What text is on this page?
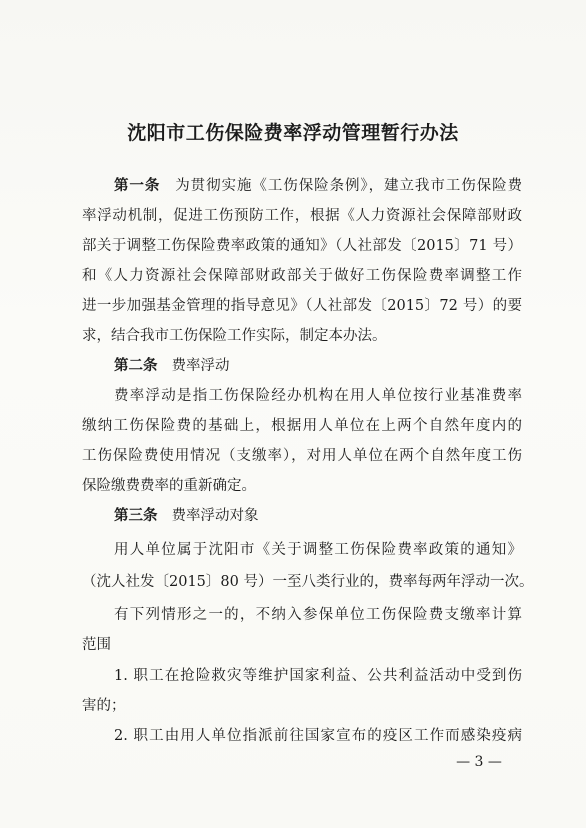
沈阳市工伤保险费率浮动管理暂行办法
第一条 为贯彻实施《工伤保险条例》，建立我市工伤保险费
率浮动机制，促进工伤预防工作，根据《人力资源社会保障部财政
部关于调整工伤保险费率政策的通知》（人社部发〔2015〕71 号）
和《人力资源社会保障部财政部关于做好工伤保险费率调整工作
进一步加强基金管理的指导意见》（人社部发〔2015〕72 号）的要
求，结合我市工伤保险工作实际，制定本办法。
第二条 费率浮动
费率浮动是指工伤保险经办机构在用人单位按行业基准费率
缴纳工伤保险费的基础上，根据用人单位在上两个自然年度内的
工伤保险费使用情况（支缴率），对用人单位在两个自然年度工伤
保险缴费费率的重新确定。
第三条 费率浮动对象
用人单位属于沈阳市《关于调整工伤保险费率政策的通知》
（沈人社发〔2015〕80 号）一至八类行业的，费率每两年浮动一次。
有下列情形之一的，不纳入参保单位工伤保险费支缴率计算
范围
1. 职工在抢险救灾等维护国家利益、公共利益活动中受到伤
害的；
2. 职工由用人单位指派前往国家宣布的疫区工作而感染疫病
— 3 —
